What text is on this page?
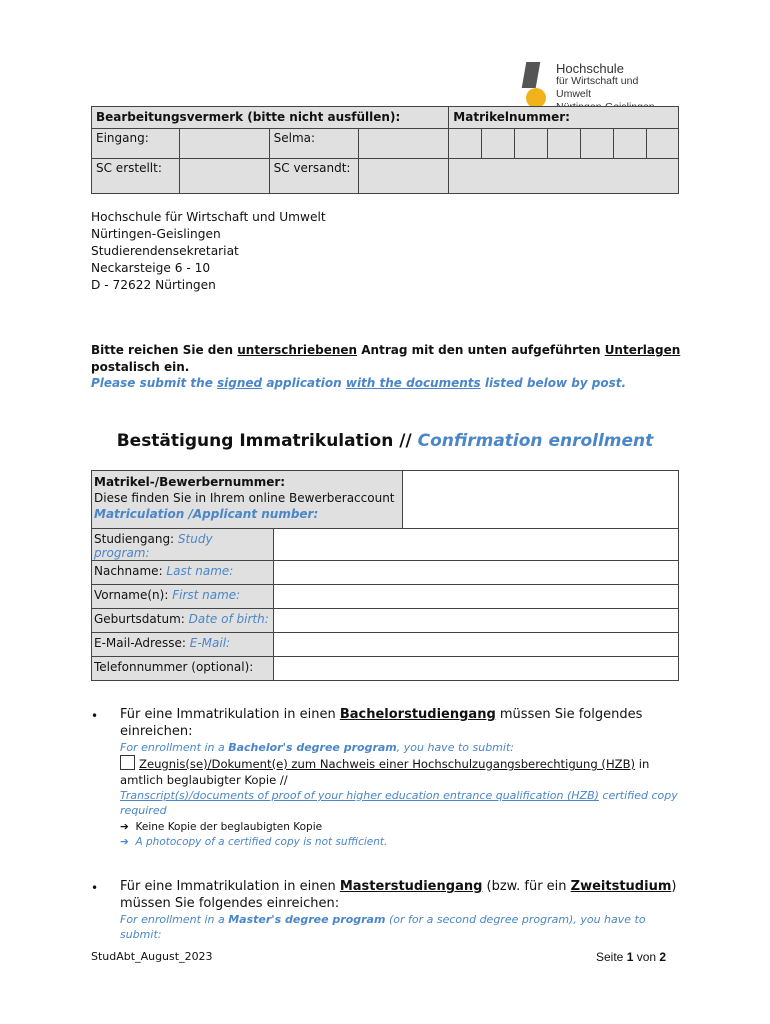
Hochschule
für Wirtschaft und Umwelt
Bearbeitungsvermerk (bitte nicht ausfüllen):				Matrikelnummer:						
Eingang:		Selma:								
SC erstellt:		SC versandt:								
Hochschule für Wirtschaft und Umwelt
Nürtingen-Geislingen
Studierendensekretariat
Neckarsteige 6 - 10
D - 72622 Nürtingen
Bitte reichen Sie den unterschriebenen Antrag mit den unten aufgeführten Unterlagen
postalisch ein.
Please submit the signed application with the documents listed below by post.
Bestätigung Immatrikulation // Confirmation enrollment
Matrikel-/Bewerbernummer:
Diese finden Sie in Ihrem online Bewerberaccount
Matriculation /Applicant number:		

Studiengang: Study program:		
Nachname: Last name:		
Vorname(n): First name:		
Geburtsdatum: Date of birth:		
E-Mail-Adresse: E-Mail:		
Telefonnummer (optional):		
• Für eine Immatrikulation in einen Bachelorstudiengang müssen Sie folgendes einreichen:
For enrollment in a Bachelor's degree program, you have to submit:
Zeugnis(se)/Dokument(e) zum Nachweis einer Hochschulzugangsberechtigung (HZB) in amtlich beglaubigter Kopie //
Transcript(s)/documents of proof of your higher education entrance qualification (HZB) certified copy required
➔ Keine Kopie der beglaubigten Kopie
➔ A photocopy of a certified copy is not sufficient.
• Für eine Immatrikulation in einen Masterstudiengang (bzw. für ein Zweitstudium) müssen Sie folgendes einreichen:
For enrollment in a Master's degree program (or for a second degree program), you have to submit:
StudAbt_August_2023	Seite 1 von 2
